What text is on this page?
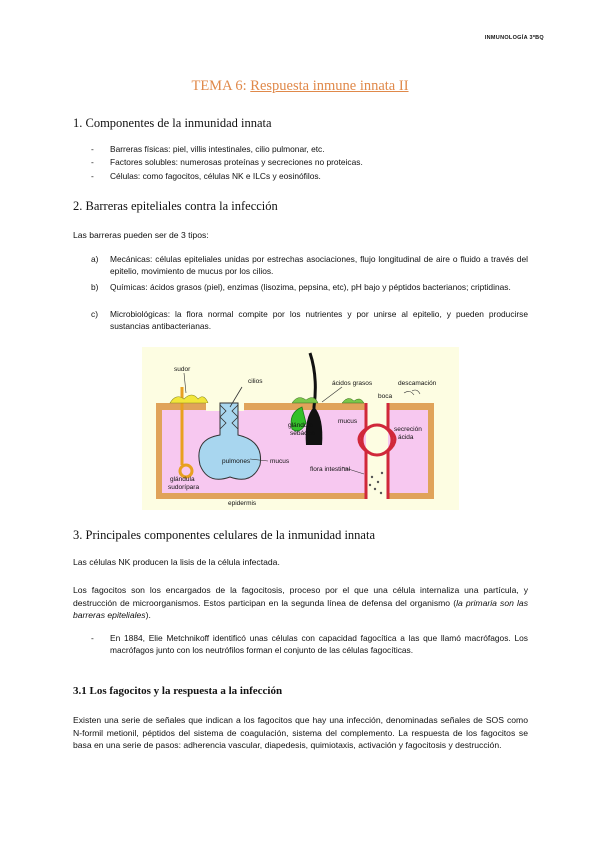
INMUNOLOGÍA 3ºBQ
TEMA 6: Respuesta inmune innata II
1. Componentes de la inmunidad innata
-	Barreras físicas: piel, villis intestinales, cilio pulmonar, etc.
-	Factores solubles: numerosas proteínas y secreciones no proteicas.
-	Células: como fagocitos, células NK e ILCs y eosinófilos.
2. Barreras epiteliales contra la infección
Las barreras pueden ser de 3 tipos:
a)	Mecánicas: células epiteliales unidas por estrechas asociaciones, flujo longitudinal de aire o fluido a través del epitelio, movimiento de mucus por los cilios.
b)	Químicas: ácidos grasos (piel), enzimas (lisozima, pepsina, etc), pH bajo y péptidos bacterianos; criptidinas.
c)	Microbiológicas: la flora normal compite por los nutrientes y por unirse al epitelio, y pueden producirse sustancias antibacterianas.
sudor
cilios	ácidos grasos	descamación
boca
glándula
sebácea
mucus
secreción
ácida
pulmones	mucus
flora intestinal
glándula
sudorípara
epidermis
3. Principales componentes celulares de la inmunidad innata
Las células NK producen la lisis de la célula infectada.
Los fagocitos son los encargados de la fagocitosis, proceso por el que una célula internaliza una partícula, y destrucción de microorganismos. Estos participan en la segunda línea de defensa del organismo (la primaria son las barreras epiteliales).
-	En 1884, Elie Metchnikoff identificó unas células con capacidad fagocítica a las que llamó macrófagos. Los macrófagos junto con los neutrófilos forman el conjunto de las células fagocíticas.
3.1 Los fagocitos y la respuesta a la infección
Existen una serie de señales que indican a los fagocitos que hay una infección, denominadas señales de SOS como N-formil metionil, péptidos del sistema de coagulación, sistema del complemento. La respuesta de los fagocitos se basa en una serie de pasos: adherencia vascular, diapedesis, quimiotaxis, activación y fagocitosis y destrucción.
